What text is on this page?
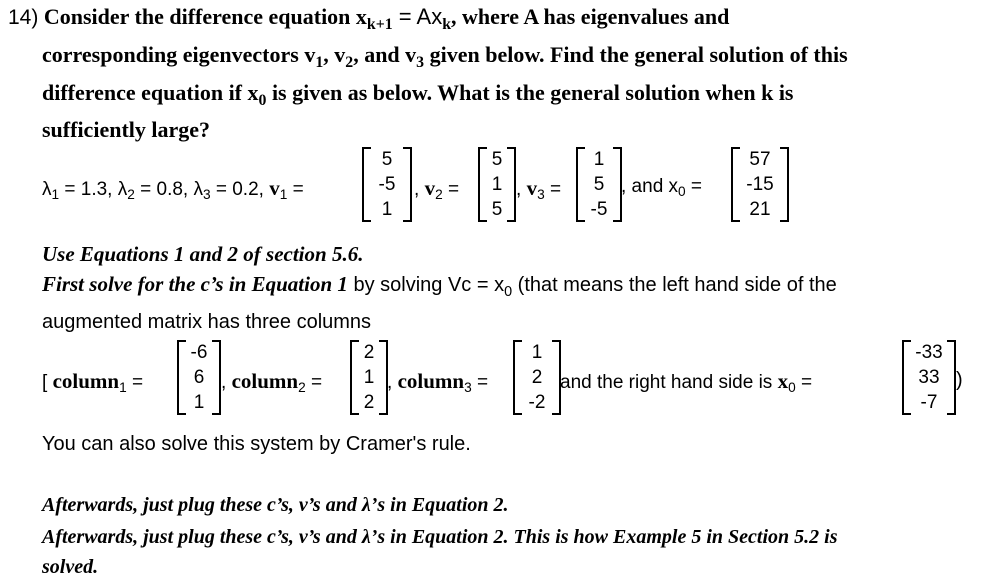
14) Consider the difference equation $x_{k+1} = Ax_k$, where A has eigenvalues and
corresponding eigenvectors $v_1$, $v_2$, and $v_3$ given below. Find the general solution of this
difference equation if $x_0$ is given as below. What is the general solution when k is
sufficiently large?
$\lambda_1 = 1.3$, $\lambda_2 = 0.8$, $\lambda_3 = 0.2$, $v_1$ =
5
-5
1
, $v_2$ =
5
1
5
, $v_3$ =
1
5
-5
, and $x_0$ =
57
-15
21
Use Equations 1 and 2 of section 5.6.
First solve for the c’s in Equation 1 by solving $Vc = x_0$ (that means the left hand side of the
augmented matrix has three columns
[ column$_1$ =
-6
6
1
, column$_2$ =
2
1
2
, column$_3$ =
1
2
-2
and the right hand side is $x_0$ =
-33
33
-7
)
You can also solve this system by Cramer's rule.
Afterwards, just plug these c’s, v’s and λ’s in Equation 2.
Afterwards, just plug these c’s, v’s and λ’s in Equation 2. This is how Example 5 in Section 5.2 is
solved.
